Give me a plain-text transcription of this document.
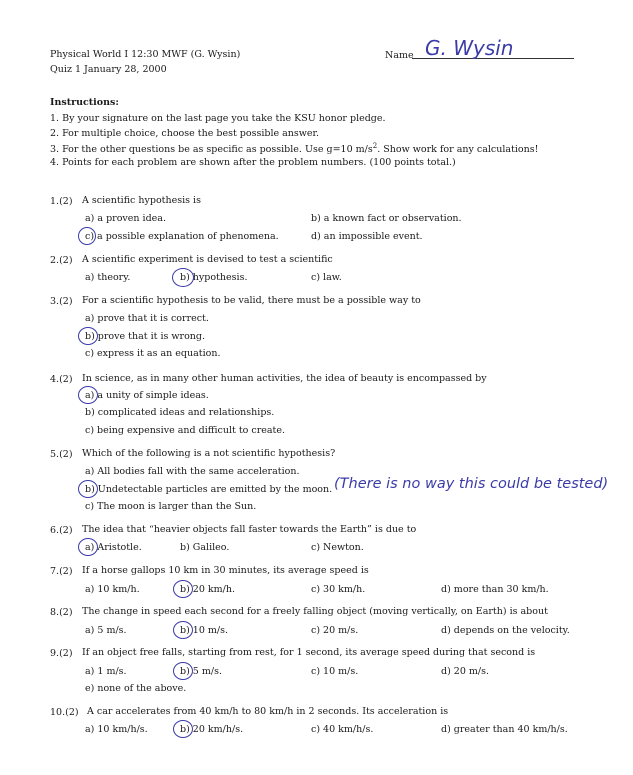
Physical World I 12:30 MWF (G. Wysin)
Quiz 1 January 28, 2000
Name G. Wysin
Instructions:
1. By your signature on the last page you take the KSU honor pledge.
2. For multiple choice, choose the best possible answer.
3. For the other questions be as specific as possible. Use g=10 $m/s^2$. Show work for any calculations!
4. Points for each problem are shown after the problem numbers. (100 points total.)
1.(2) A scientific hypothesis is
a) a proven idea.	b) a known fact or observation.
c) a possible explanation of phenomena.	d) an impossible event.
2.(2) A scientific experiment is devised to test a scientific
a) theory.	b) hypothesis.	c) law.
3.(2) For a scientific hypothesis to be valid, there must be a possible way to
a) prove that it is correct.
b) prove that it is wrong.
c) express it as an equation.
4.(2) In science, as in many other human activities, the idea of beauty is encompassed by
a) a unity of simple ideas.
b) complicated ideas and relationships.
c) being expensive and difficult to create.
5.(2) Which of the following is a not scientific hypothesis?
a) All bodies fall with the same acceleration.
b) Undetectable particles are emitted by the moon.
c) The moon is larger than the Sun.
(There is no way this could be tested)
6.(2) The idea that “heavier objects fall faster towards the Earth” is due to
a) Aristotle.	b) Galileo.	c) Newton.
7.(2) If a horse gallops 10 km in 30 minutes, its average speed is
a) 10 km/h.	b) 20 km/h.	c) 30 km/h.	d) more than 30 km/h.
8.(2) The change in speed each second for a freely falling object (moving vertically, on Earth) is about
a) 5 m/s.	b) 10 m/s.	c) 20 m/s.	d) depends on the velocity.
9.(2) If an object free falls, starting from rest, for 1 second, its average speed during that second is
a) 1 m/s.	b) 5 m/s.	c) 10 m/s.	d) 20 m/s.
e) none of the above.
10.(2) A car accelerates from 40 km/h to 80 km/h in 2 seconds. Its acceleration is
a) 10 km/h/s.	b) 20 km/h/s.	c) 40 km/h/s.	d) greater than 40 km/h/s.
